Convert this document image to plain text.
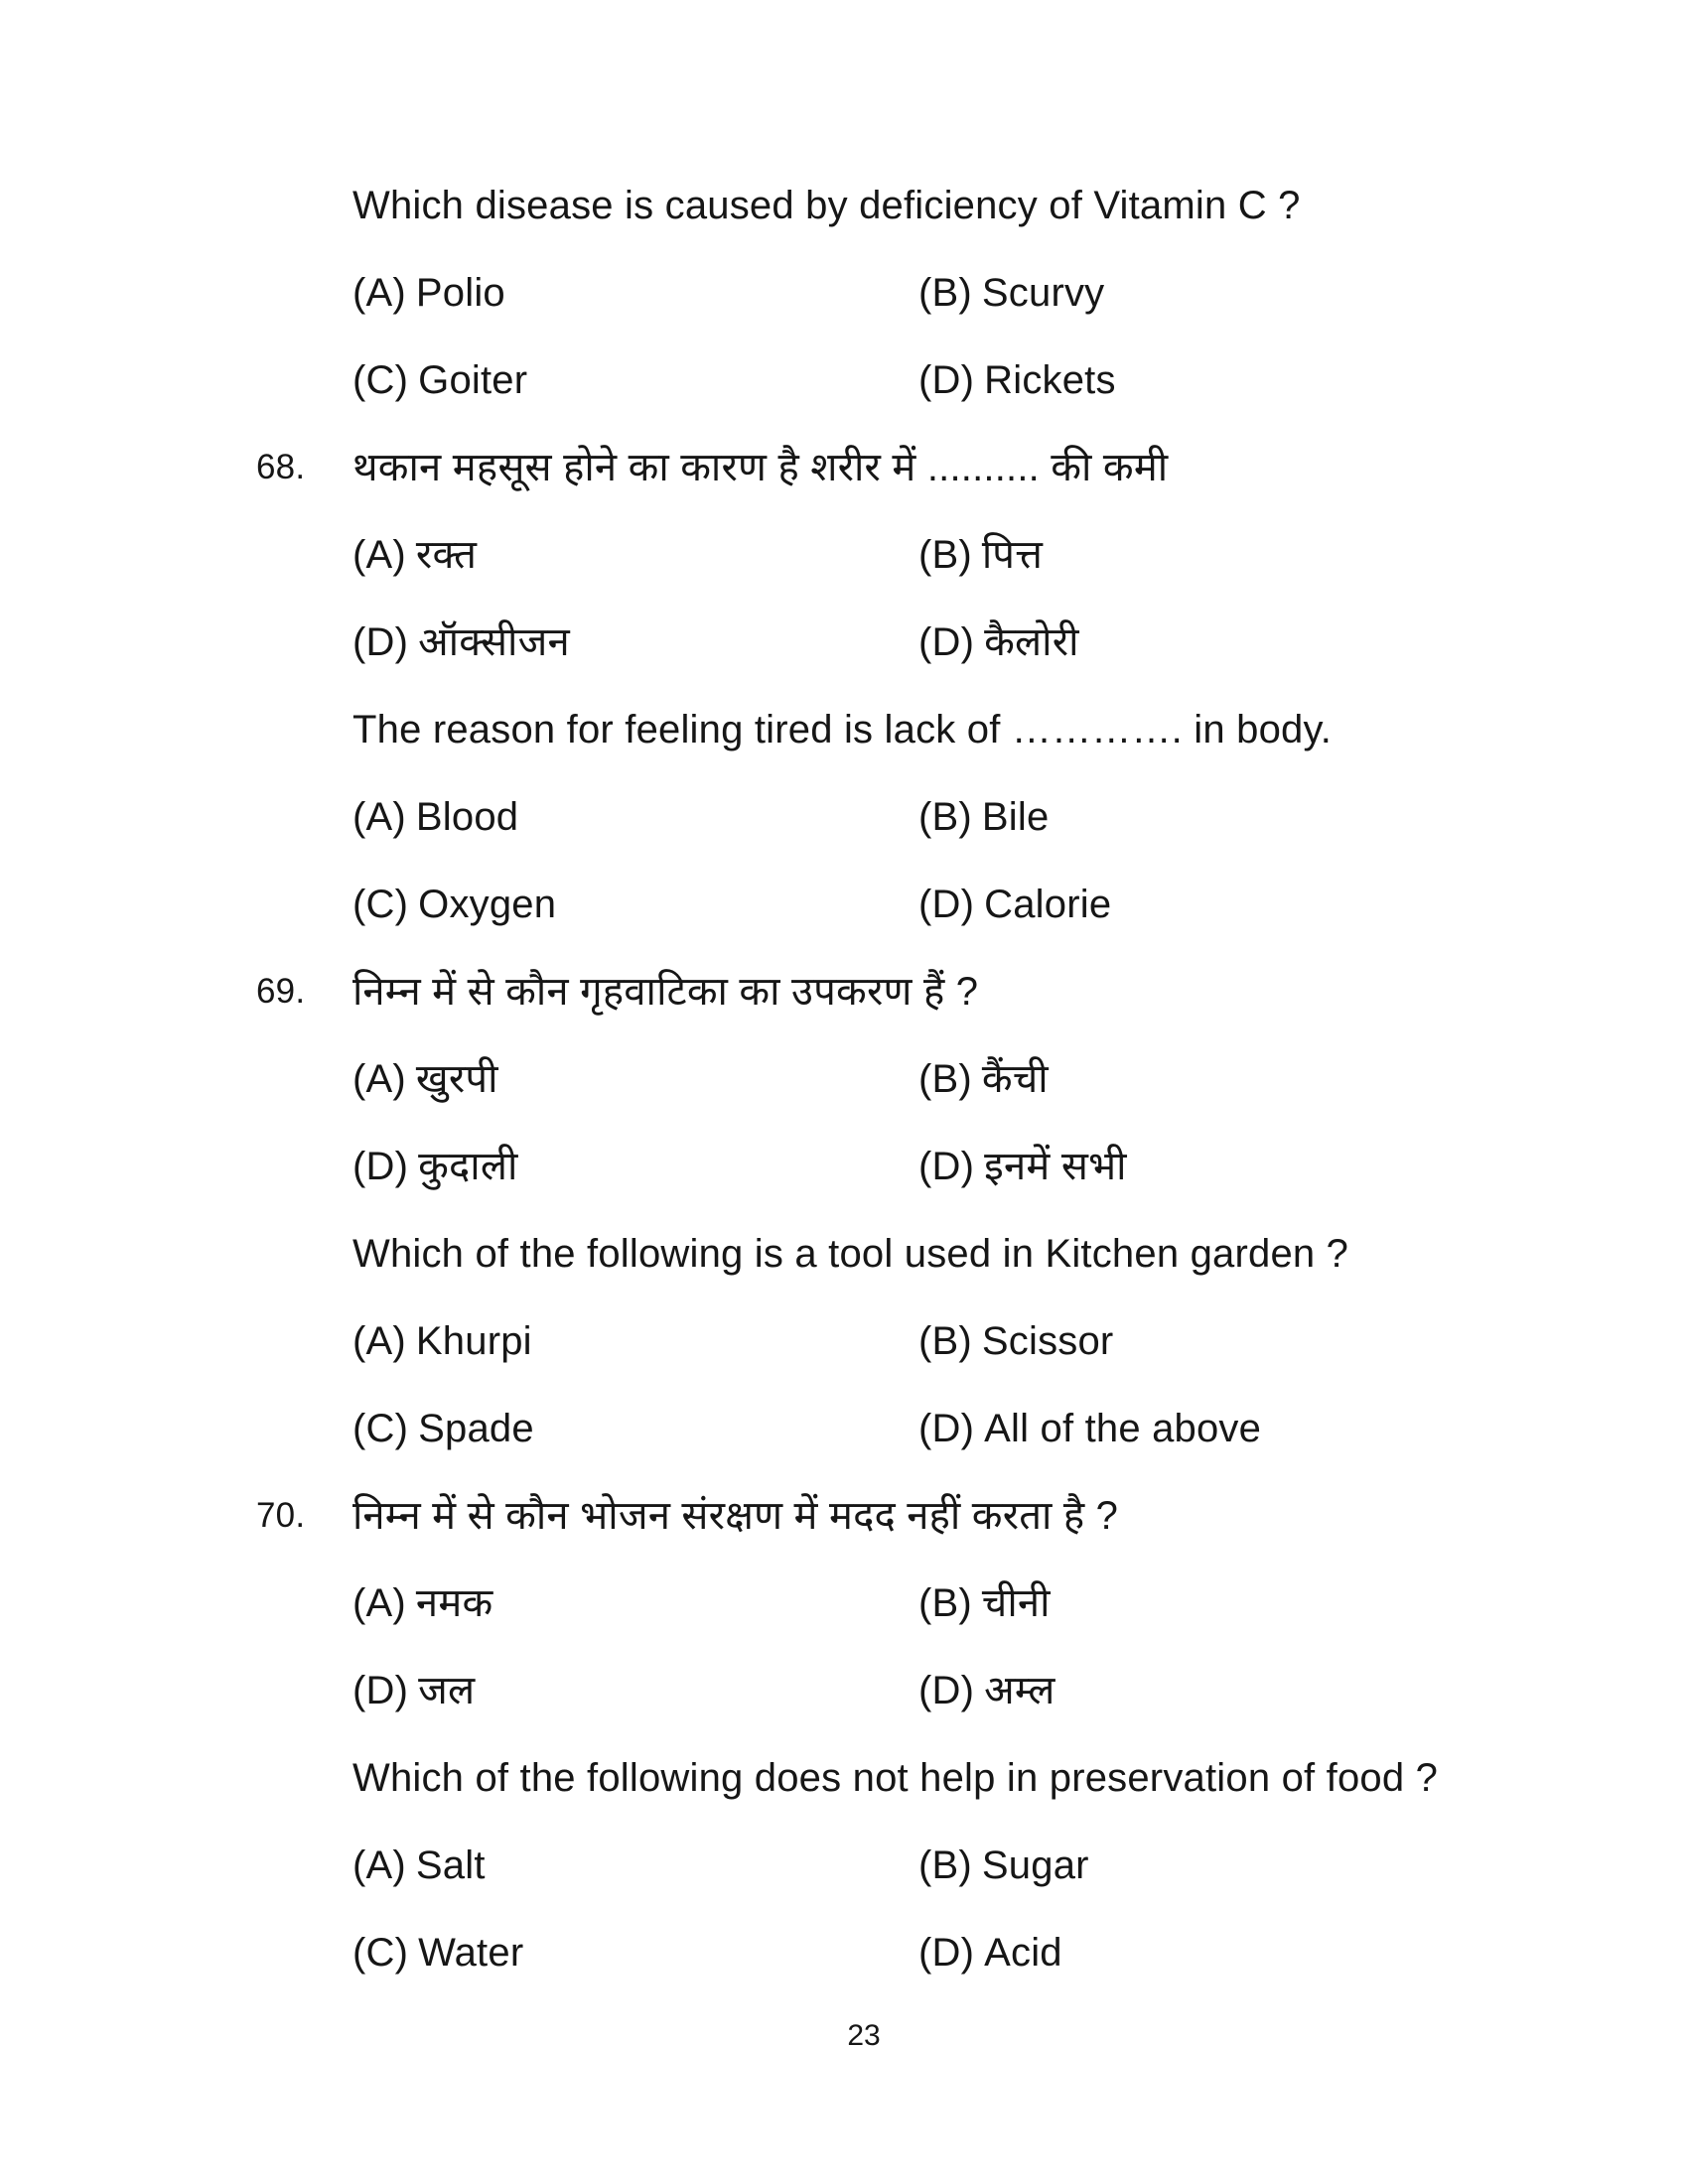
Which disease is caused by deficiency of Vitamin C ?
(A) Polio	(B) Scurvy
(C) Goiter	(D) Rickets
68. थकान महसूस होने का कारण है शरीर में .......... की कमी
(A) रक्त	(B) पित्त
(D) ऑक्सीजन	(D) कैलोरी
The reason for feeling tired is lack of …………. in body.
(A) Blood	(B) Bile
(C) Oxygen	(D) Calorie
69. निम्न में से कौन गृहवाटिका का उपकरण हैं ?
(A) खुरपी	(B) कैंची
(D) कुदाली	(D) इनमें सभी
Which of the following is a tool used in Kitchen garden ?
(A) Khurpi	(B) Scissor
(C) Spade	(D) All of the above
70. निम्न में से कौन भोजन संरक्षण में मदद नहीं करता है ?
(A) नमक	(B) चीनी
(D) जल	(D) अम्ल
Which of the following does not help in preservation of food ?
(A) Salt	(B) Sugar
(C) Water	(D) Acid
23
